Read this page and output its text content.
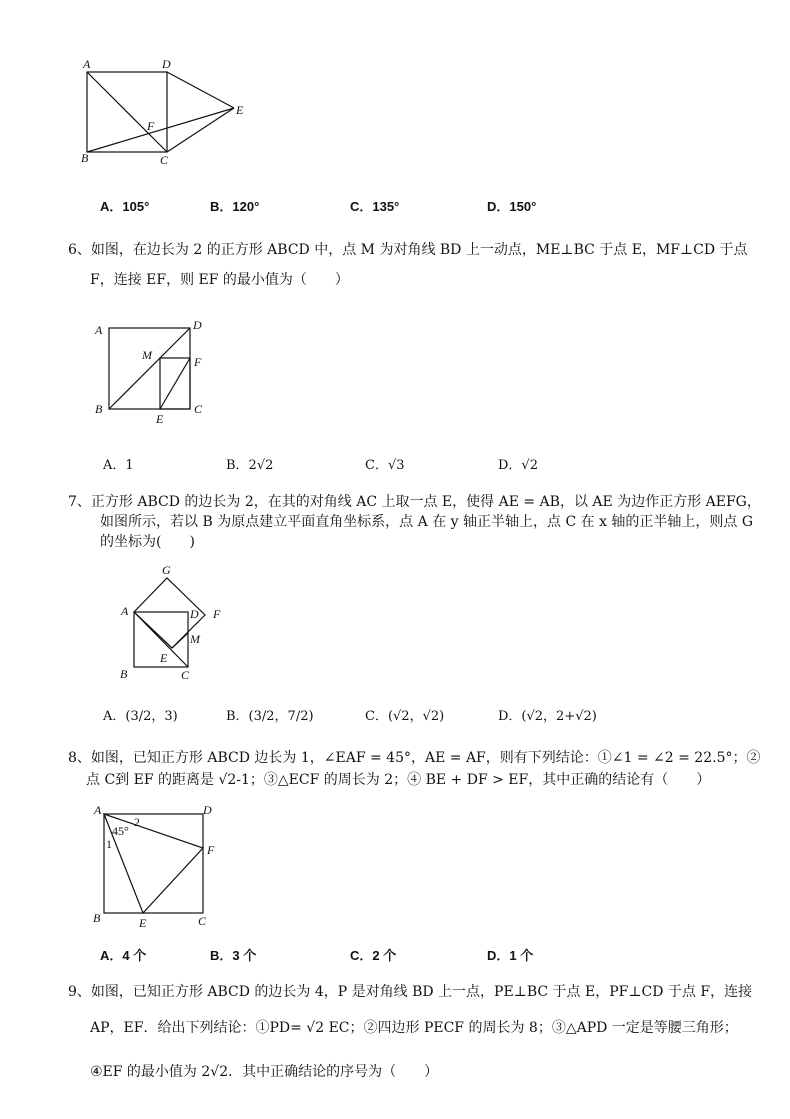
A	D
E
F
B	C
A．105°	B．120°	C．135°	D．150°
6、如图，在边长为 2 的正方形 ABCD 中，点 M 为对角线 BD 上一动点，ME⊥BC 于点 E，MF⊥CD 于点
F，连接 EF，则 EF 的最小值为（　　）
A	D
M	F
B
E
C
A．1	B．2√2	C．√3	D．√2
7、正方形 ABCD 的边长为 2，在其的对角线 AC 上取一点 E，使得 AE = AB，以 AE 为边作正方形 AEFG，
如图所示，若以 B 为原点建立平面直角坐标系，点 A 在 y 轴正半轴上，点 C 在 x 轴的正半轴上，则点 G
的坐标为(　　)
G
A	D F
M
E
B	C
A．(3/2，3)	B．(3/2，7/2)	C．(√2，√2)	D．(√2，2+√2)
8、如图，已知正方形 ABCD 边长为 1，∠EAF = 45°，AE = AF，则有下列结论：①∠1 = ∠2 = 22.5°；②
点 C到 EF 的距离是 √2-1；③△ECF 的周长为 2；④ BE + DF > EF，其中正确的结论有（　　）
A	D
2
45°
1	F
B	E	C
A．4 个	B．3 个	C．2 个	D．1 个
9、如图，已知正方形 ABCD 的边长为 4，P 是对角线 BD 上一点，PE⊥BC 于点 E，PF⊥CD 于点 F，连接
AP，EF．给出下列结论：①PD= √2 EC；②四边形 PECF 的周长为 8；③△APD 一定是等腰三角形；
④EF 的最小值为 2√2．其中正确结论的序号为（　　）
